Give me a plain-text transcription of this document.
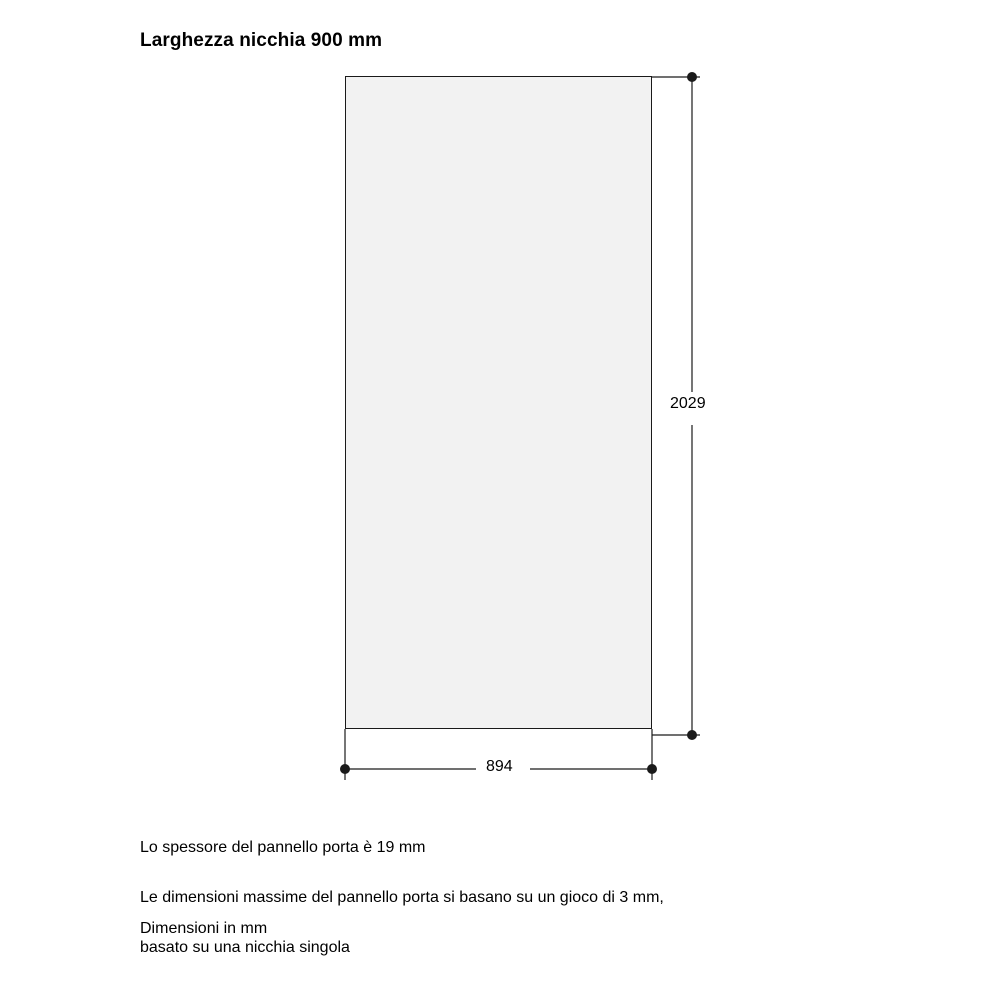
Larghezza nicchia 900 mm
2029
894

Lo spessore del pannello porta è 19 mm

Le dimensioni massime del pannello porta si basano su un gioco di 3 mm,

basato su una nicchia singola

Dimensioni in mm
